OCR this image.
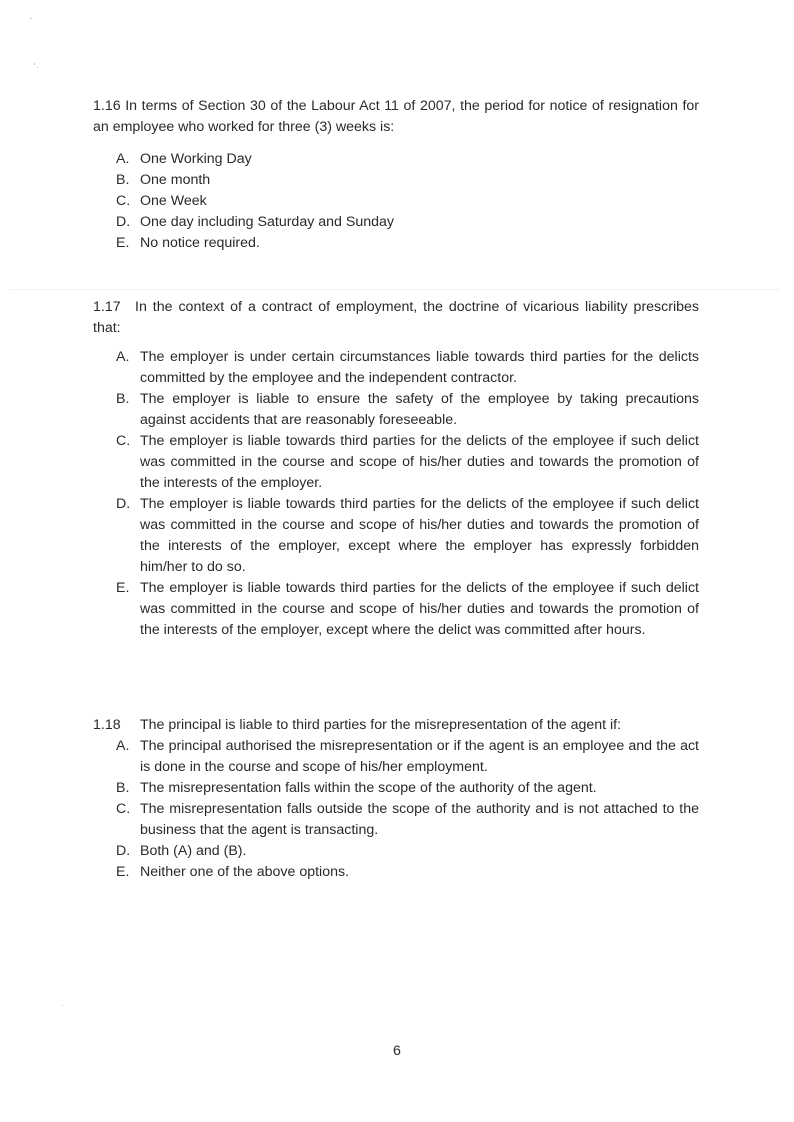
1.16 In terms of Section 30 of the Labour Act 11 of 2007, the period for notice of resignation for an employee who worked for three (3) weeks is:

A. One Working Day
B. One month
C. One Week
D. One day including Saturday and Sunday
E. No notice required.

1.17 In the context of a contract of employment, the doctrine of vicarious liability prescribes that:

A. The employer is under certain circumstances liable towards third parties for the delicts committed by the employee and the independent contractor.
B. The employer is liable to ensure the safety of the employee by taking precautions against accidents that are reasonably foreseeable.
C. The employer is liable towards third parties for the delicts of the employee if such delict was committed in the course and scope of his/her duties and towards the promotion of the interests of the employer.
D. The employer is liable towards third parties for the delicts of the employee if such delict was committed in the course and scope of his/her duties and towards the promotion of the interests of the employer, except where the employer has expressly forbidden him/her to do so.
E. The employer is liable towards third parties for the delicts of the employee if such delict was committed in the course and scope of his/her duties and towards the promotion of the interests of the employer, except where the delict was committed after hours.

1.18 The principal is liable to third parties for the misrepresentation of the agent if:

A. The principal authorised the misrepresentation or if the agent is an employee and the act is done in the course and scope of his/her employment.
B. The misrepresentation falls within the scope of the authority of the agent.
C. The misrepresentation falls outside the scope of the authority and is not attached to the business that the agent is transacting.
D. Both (A) and (B).
E. Neither one of the above options.
6
